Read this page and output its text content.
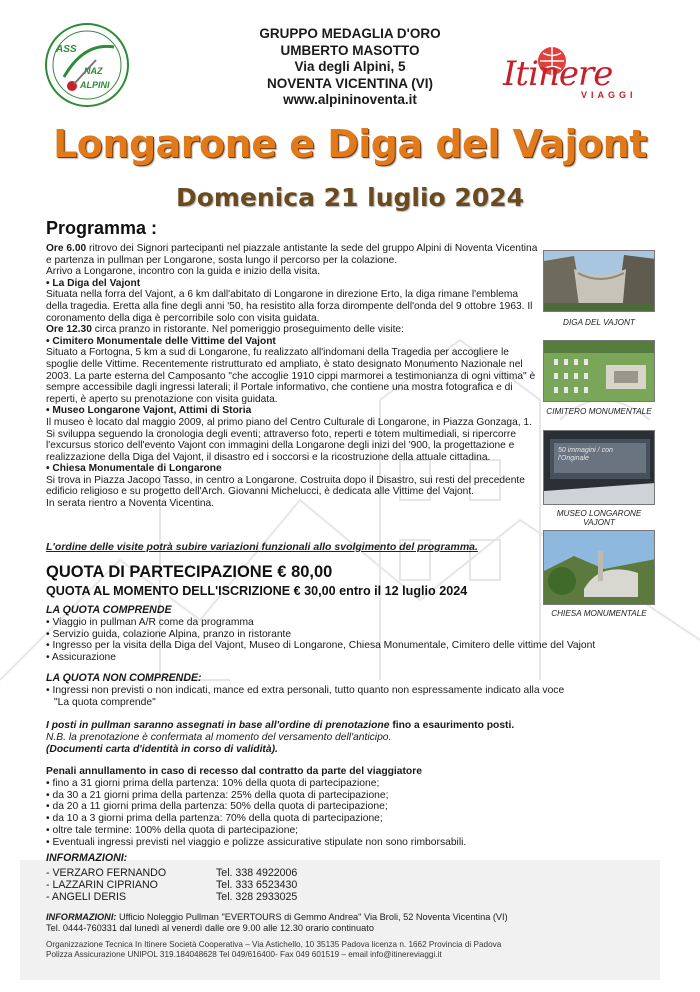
ASS
NAZ
ALPINI
GRUPPO MEDAGLIA D'ORO
UMBERTO MASOTTO
Via degli Alpini, 5
NOVENTA VICENTINA (VI)
www.alpininoventa.it
Itinere
VIAGGI
Longarone e Diga del Vajont
Domenica 21 luglio 2024
Programma :

Ore 6.00 ritrovo dei Signori partecipanti nel piazzale antistante la sede del gruppo Alpini di Noventa Vicentina e partenza in pullman per Longarone, sosta lungo il percorso per la colazione.

Arrivo a Longarone, incontro con la guida e inizio della visita.

• La Diga del Vajont

Situata nella forra del Vajont, a 6 km dall'abitato di Longarone in direzione Erto, la diga rimane l'emblema della tragedia. Eretta alla fine degli anni '50, ha resistito alla forza dirompente dell'onda del 9 ottobre 1963. Il coronamento della diga è percorribile solo con visita guidata.

Ore 12.30 circa pranzo in ristorante. Nel pomeriggio proseguimento delle visite:

• Cimitero Monumentale delle Vittime del Vajont

Situato a Fortogna, 5 km a sud di Longarone, fu realizzato all'indomani della Tragedia per accogliere le spoglie delle Vittime. Recentemente ristrutturato ed ampliato, è stato designato Monumento Nazionale nel 2003. La parte esterna del Camposanto "che accoglie 1910 cippi marmorei a testimonianza di ogni vittima" è sempre accessibile dagli ingressi laterali; il Portale informativo, che contiene una mostra fotografica e di reperti, è aperto su prenotazione con visita guidata.

• Museo Longarone Vajont, Attimi di Storia

Il museo è locato dal maggio 2009, al primo piano del Centro Culturale di Longarone, in Piazza Gonzaga, 1. Si sviluppa seguendo la cronologia degli eventi; attraverso foto, reperti e totem multimediali, si ripercorre l'excursus storico dell'evento Vajont con immagini della Longarone degli inizi del '900, la progettazione e realizzazione della Diga del Vajont, il disastro ed i soccorsi e la ricostruzione della attuale cittadina.

• Chiesa Monumentale di Longarone

Si trova in Piazza Jacopo Tasso, in centro a Longarone. Costruita dopo il Disastro, sui resti del precedente edificio religioso e su progetto dell'Arch. Giovanni Michelucci, è dedicata alle Vittime del Vajont.

In serata rientro a Noventa Vicentina.

DIGA DEL VAJONT
CIMITERO MONUMENTALE
50 immagini / con l'Originale
MUSEO LONGARONE VAJONT
CHIESA MONUMENTALE
L'ordine delle visite potrà subire variazioni funzionali allo svolgimento del programma.
QUOTA DI PARTECIPAZIONE € 80,00
QUOTA AL MOMENTO DELL'ISCRIZIONE € 30,00 entro il 12 luglio 2024
LA QUOTA COMPRENDE
• Viaggio in pullman A/R come da programma
• Servizio guida, colazione Alpina, pranzo in ristorante
• Ingresso per la visita della Diga del Vajont, Museo di Longarone, Chiesa Monumentale, Cimitero delle vittime del Vajont
• Assicurazione
LA QUOTA NON COMPRENDE:
• Ingressi non previsti o non indicati, mance ed extra personali, tutto quanto non espressamente indicato alla voce
"La quota comprende"
I posti in pullman saranno assegnati in base all'ordine di prenotazione fino a esaurimento posti.
N.B. la prenotazione è confermata al momento del versamento dell'anticipo.
(Documenti carta d'identità in corso di validità).
Penali annullamento in caso di recesso dal contratto da parte del viaggiatore
• fino a 31 giorni prima della partenza: 10% della quota di partecipazione;
• da 30 a 21 giorni prima della partenza: 25% della quota di partecipazione;
• da 20 a 11 giorni prima della partenza: 50% della quota di partecipazione;
• da 10 a 3 giorni prima della partenza: 70% della quota di partecipazione;
• oltre tale termine: 100% della quota di partecipazione;
• Eventuali ingressi previsti nel viaggio e polizze assicurative stipulate non sono rimborsabili.
INFORMAZIONI:
- VERZARO FERNANDO	Tel. 338 4922006
- LAZZARIN CIPRIANO	Tel. 333 6523430
- ANGELI DERIS	Tel. 328 2933025
INFORMAZIONI: Ufficio Noleggio Pullman "EVERTOURS di Gemmo Andrea" Via Broli, 52 Noventa Vicentina (VI)
Tel. 0444-760331 dal lunedì al venerdì dalle ore 9.00 alle 12.30 orario continuato
Organizzazione Tecnica In Itinere Società Cooperativa – Via Astichello, 10 35135 Padova licenza n. 1662 Provincia di Padova
Polizza Assicurazione UNIPOL 319.184048628 Tel 049/616400- Fax 049 601519 – email info@itinereviaggi.it
